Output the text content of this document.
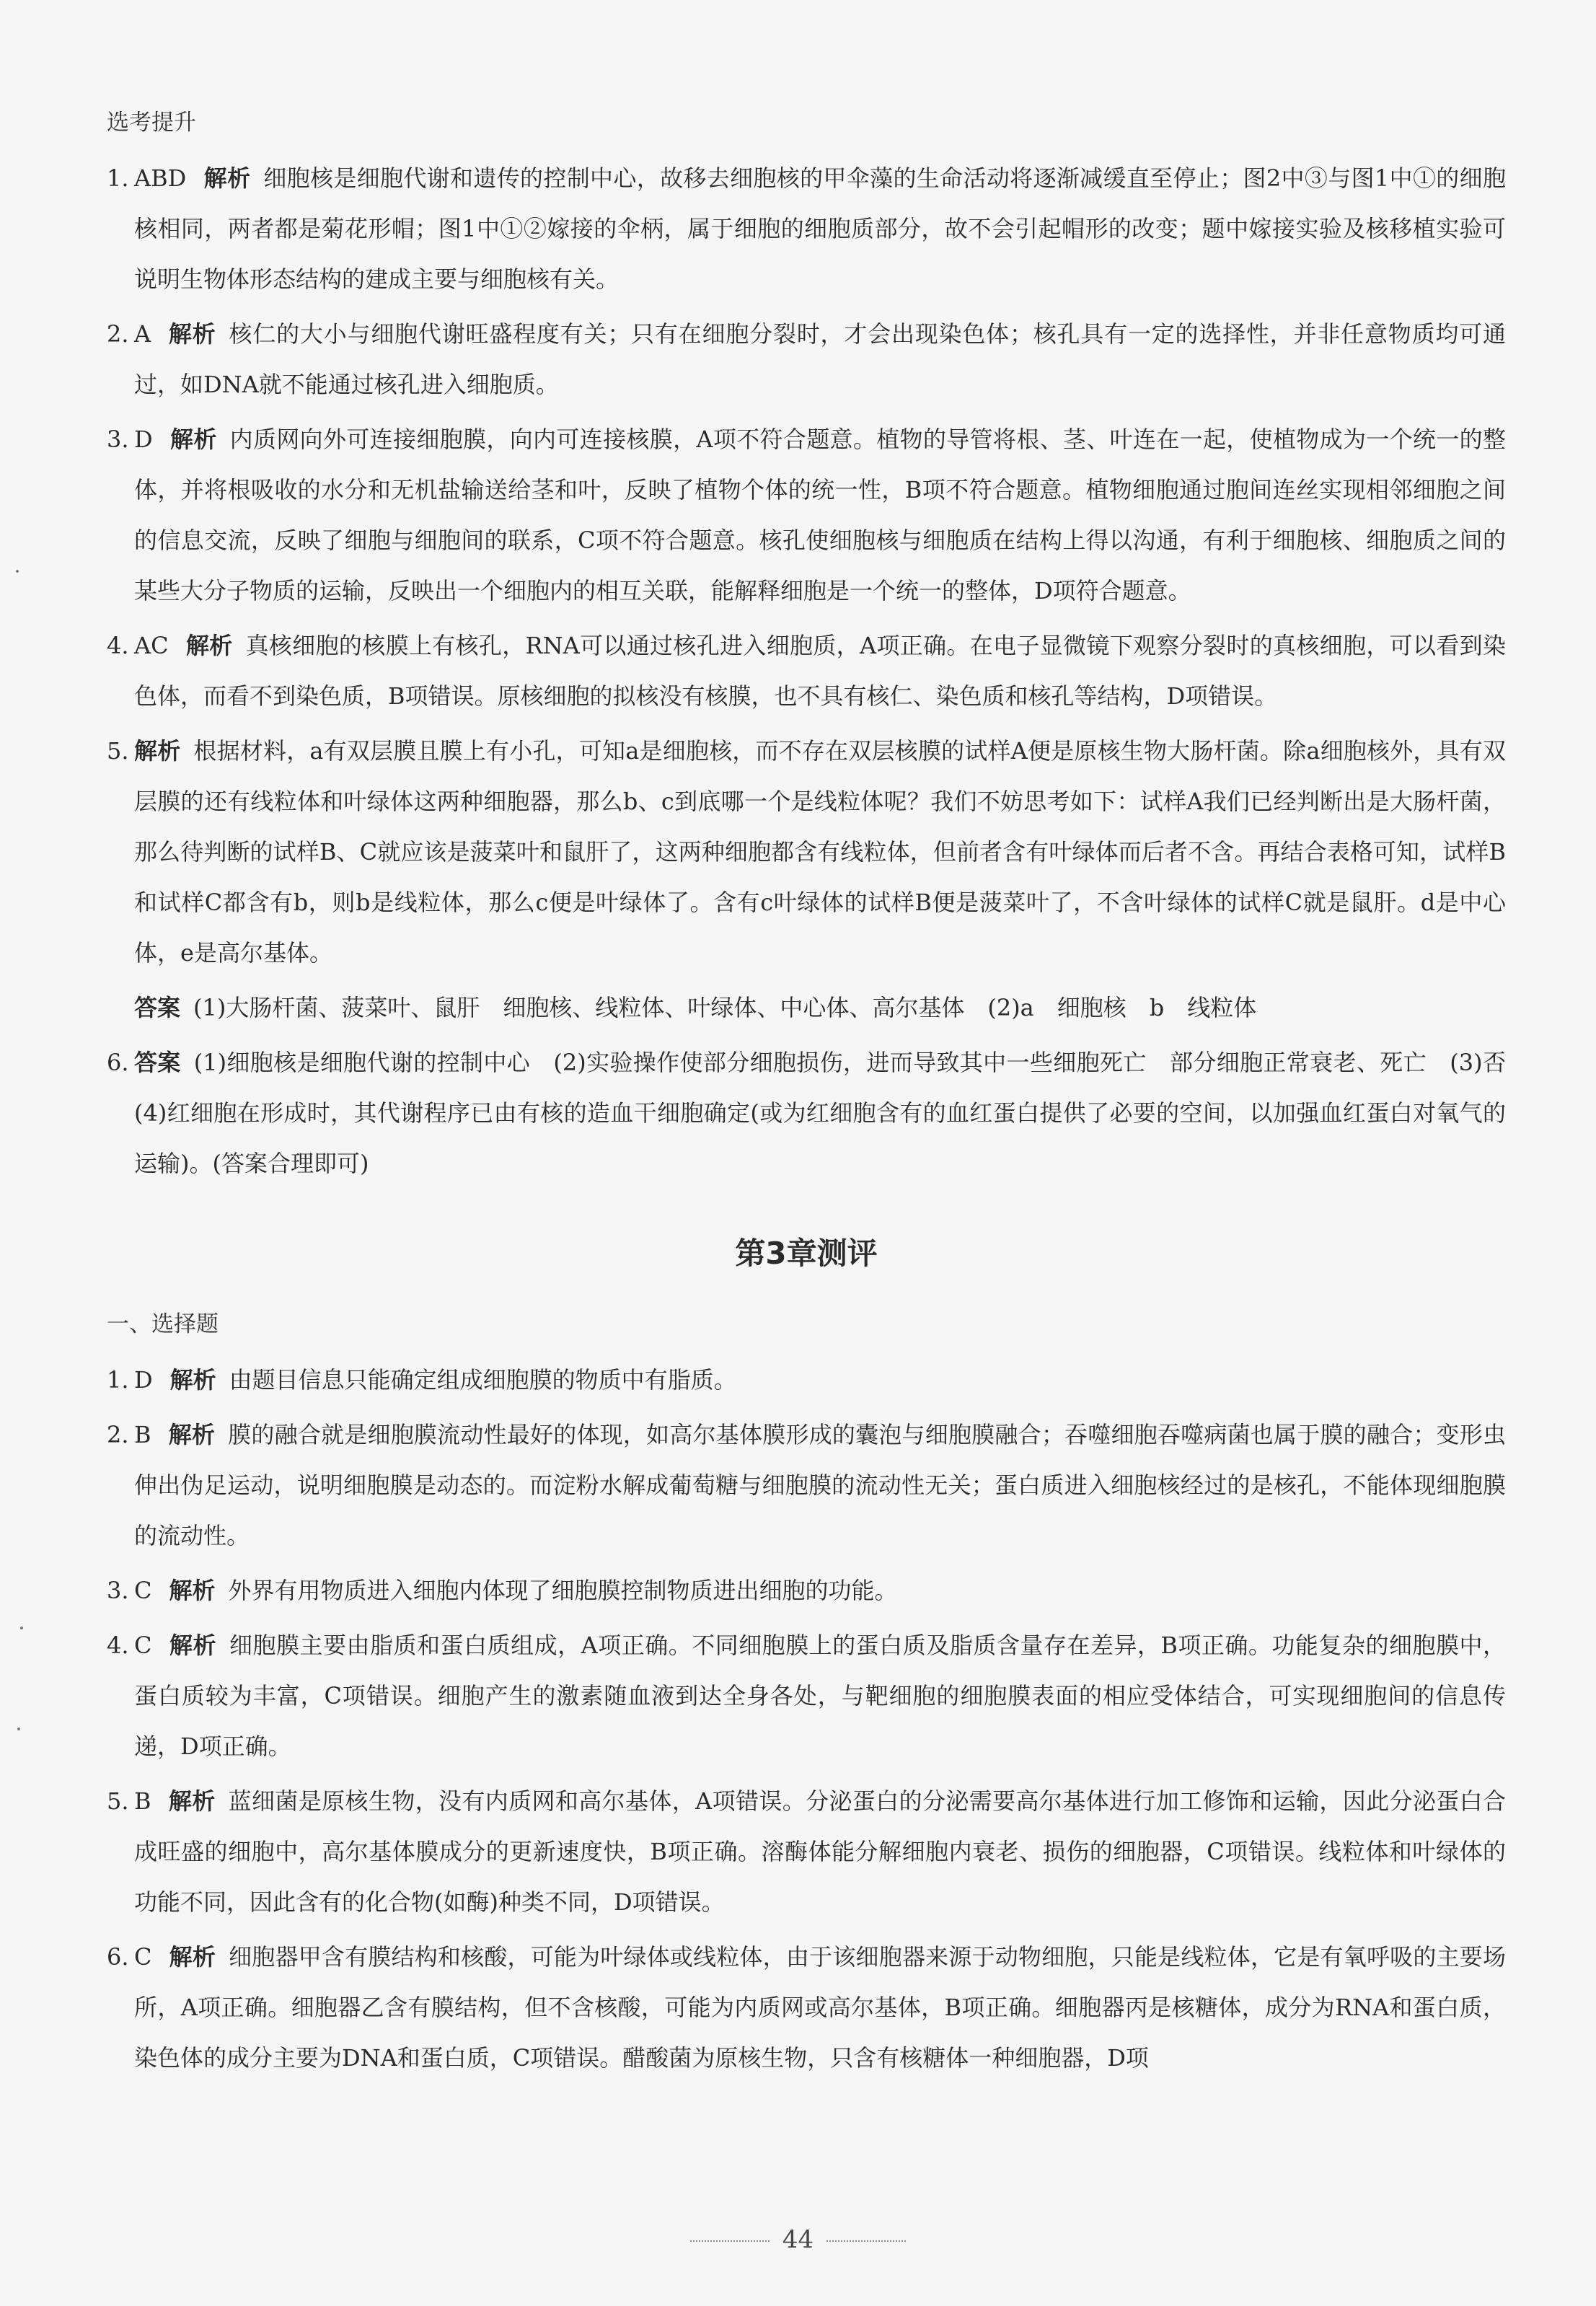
选考提升
1. ABD 解析 细胞核是细胞代谢和遗传的控制中心，故移去细胞核的甲伞藻的生命活动将逐渐减缓直至停止；图2中③与图1中①的细胞核相同，两者都是菊花形帽；图1中①②嫁接的伞柄，属于细胞的细胞质部分，故不会引起帽形的改变；题中嫁接实验及核移植实验可说明生物体形态结构的建成主要与细胞核有关。
2. A 解析 核仁的大小与细胞代谢旺盛程度有关；只有在细胞分裂时，才会出现染色体；核孔具有一定的选择性，并非任意物质均可通过，如DNA就不能通过核孔进入细胞质。
3. D 解析 内质网向外可连接细胞膜，向内可连接核膜，A项不符合题意。植物的导管将根、茎、叶连在一起，使植物成为一个统一的整体，并将根吸收的水分和无机盐输送给茎和叶，反映了植物个体的统一性，B项不符合题意。植物细胞通过胞间连丝实现相邻细胞之间的信息交流，反映了细胞与细胞间的联系，C项不符合题意。核孔使细胞核与细胞质在结构上得以沟通，有利于细胞核、细胞质之间的某些大分子物质的运输，反映出一个细胞内的相互关联，能解释细胞是一个统一的整体，D项符合题意。
4. AC 解析 真核细胞的核膜上有核孔，RNA可以通过核孔进入细胞质，A项正确。在电子显微镜下观察分裂时的真核细胞，可以看到染色体，而看不到染色质，B项错误。原核细胞的拟核没有核膜，也不具有核仁、染色质和核孔等结构，D项错误。
5. 解析 根据材料，a有双层膜且膜上有小孔，可知a是细胞核，而不存在双层核膜的试样A便是原核生物大肠杆菌。除a细胞核外，具有双层膜的还有线粒体和叶绿体这两种细胞器，那么b、c到底哪一个是线粒体呢？我们不妨思考如下：试样A我们已经判断出是大肠杆菌，那么待判断的试样B、C就应该是菠菜叶和鼠肝了，这两种细胞都含有线粒体，但前者含有叶绿体而后者不含。再结合表格可知，试样B和试样C都含有b，则b是线粒体，那么c便是叶绿体了。含有c叶绿体的试样B便是菠菜叶了，不含叶绿体的试样C就是鼠肝。d是中心体，e是高尔基体。
答案 (1)大肠杆菌、菠菜叶、鼠肝　细胞核、线粒体、叶绿体、中心体、高尔基体　(2)a　细胞核　b　线粒体
6. 答案 (1)细胞核是细胞代谢的控制中心　(2)实验操作使部分细胞损伤，进而导致其中一些细胞死亡　部分细胞正常衰老、死亡　(3)否　(4)红细胞在形成时，其代谢程序已由有核的造血干细胞确定(或为红细胞含有的血红蛋白提供了必要的空间，以加强血红蛋白对氧气的运输)。(答案合理即可)
第3章测评
一、选择题
1. D 解析 由题目信息只能确定组成细胞膜的物质中有脂质。
2. B 解析 膜的融合就是细胞膜流动性最好的体现，如高尔基体膜形成的囊泡与细胞膜融合；吞噬细胞吞噬病菌也属于膜的融合；变形虫伸出伪足运动，说明细胞膜是动态的。而淀粉水解成葡萄糖与细胞膜的流动性无关；蛋白质进入细胞核经过的是核孔，不能体现细胞膜的流动性。
3. C 解析 外界有用物质进入细胞内体现了细胞膜控制物质进出细胞的功能。
4. C 解析 细胞膜主要由脂质和蛋白质组成，A项正确。不同细胞膜上的蛋白质及脂质含量存在差异，B项正确。功能复杂的细胞膜中，蛋白质较为丰富，C项错误。细胞产生的激素随血液到达全身各处，与靶细胞的细胞膜表面的相应受体结合，可实现细胞间的信息传递，D项正确。
5. B 解析 蓝细菌是原核生物，没有内质网和高尔基体，A项错误。分泌蛋白的分泌需要高尔基体进行加工修饰和运输，因此分泌蛋白合成旺盛的细胞中，高尔基体膜成分的更新速度快，B项正确。溶酶体能分解细胞内衰老、损伤的细胞器，C项错误。线粒体和叶绿体的功能不同，因此含有的化合物(如酶)种类不同，D项错误。
6. C 解析 细胞器甲含有膜结构和核酸，可能为叶绿体或线粒体，由于该细胞器来源于动物细胞，只能是线粒体，它是有氧呼吸的主要场所，A项正确。细胞器乙含有膜结构，但不含核酸，可能为内质网或高尔基体，B项正确。细胞器丙是核糖体，成分为RNA和蛋白质，染色体的成分主要为DNA和蛋白质，C项错误。醋酸菌为原核生物，只含有核糖体一种细胞器，D项
44
